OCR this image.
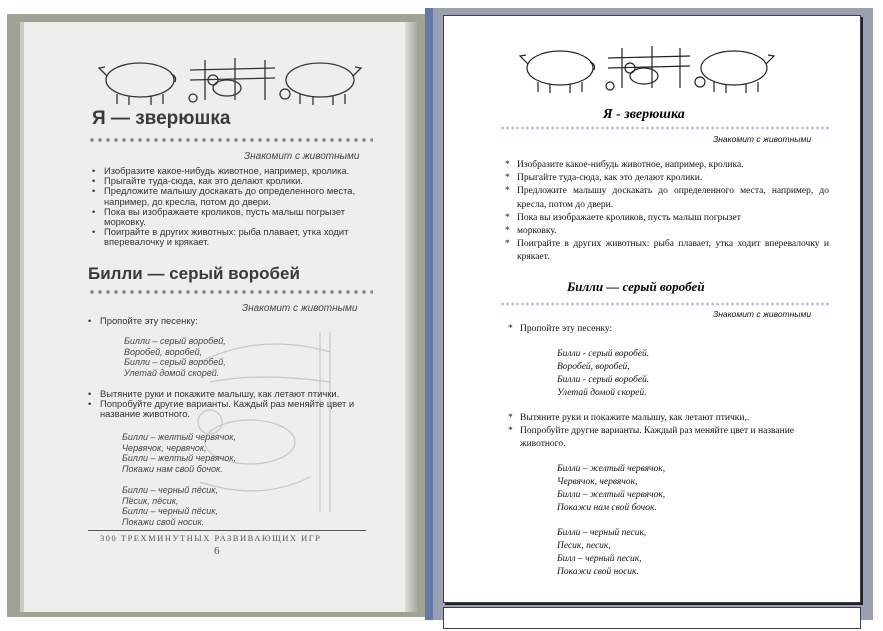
Я — зверюшка
Знакомит с животными
• Изобразите какое-нибудь животное, например, кролика.
• Прыгайте туда-сюда, как это делают кролики.
• Предложите малышу доскакать до определенного места, например, до кресла, потом до двери.
• Пока вы изображаете кроликов, пусть малыш погрызет морковку.
• Поиграйте в других животных: рыба плавает, утка ходит вперевалочку и крякает.
Билли — серый воробей
Знакомит с животными
• Пропойте эту песенку:
Билли – серый воробей,
Воробей, воробей,
Билли – серый воробей,
Улетай домой скорей.
• Вытяните руки и покажите малышу, как летают птички.
• Попробуйте другие варианты. Каждый раз меняйте цвет и название животного.
Билли – желтый червячок,
Червячок, червячок,
Билли – желтый червячок,
Покажи нам свой бочок.
Билли – черный пёсик,
Пёсик, пёсик,
Билли – черный пёсик,
Покажи свой носик.
300 ТРЕХМИНУТНЫХ РАЗВИВАЮЩИХ ИГР
6
Я - зверюшка
Знакомит с животными
* Изобразите какое-нибудь животное, например, кролика.
* Прыгайте туда-сюда, как это делают кролики.
* Предложите малышу доскакать до определенного места, например, до кресла, потом до двери.
* Пока вы изображаете кроликов, пусть малыш погрызет
* морковку.
* Поиграйте в других животных: рыба плавает, утка ходит вперевалочку и крякает.
Билли — серый воробей
Знакомит с животными
* Пропойте эту песенку:
Билли - серый воробей.
Воробей, воробей,
Билли - серый воробей.
Улетай домой скорей.
* Вытяните руки и покажите малышу, как летают птички,.
* Попробуйте другие варианты. Каждый раз меняйте цвет и название животного.
Билли – желтый червячок,
Червячок, червячок,
Билли – желтый червячок,
Покажи нам свой бочок.
Билли – черный песик,
Песик, песик,
Билл – черный песик,
Покажи свой носик.
